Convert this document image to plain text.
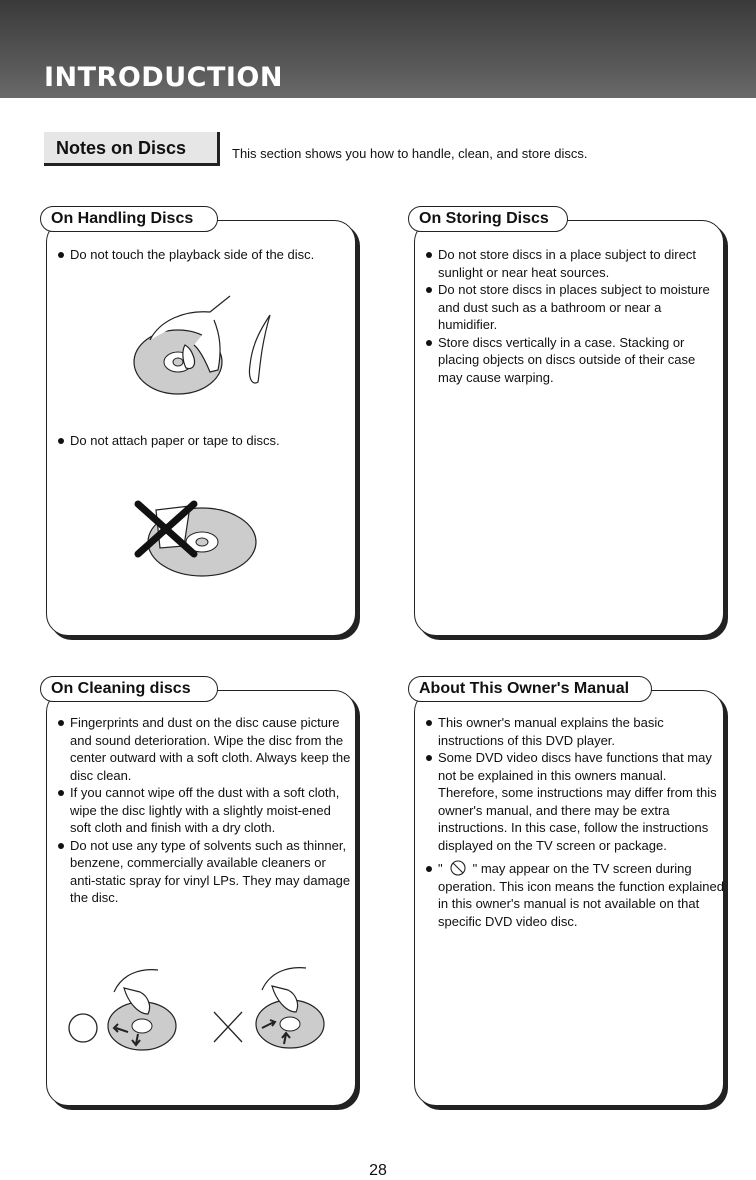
INTRODUCTION
Notes on Discs	This section shows you how to handle, clean, and store discs.
On Handling Discs
Do not touch the playback side of the disc.
Do not attach paper or tape to discs.
On Storing Discs
Do not store discs in a place subject to direct sunlight or near heat sources.
Do not store discs in places subject to moisture and dust such as a bathroom or near a humidifier.
Store discs vertically in a case. Stacking or placing objects on discs outside of their case may cause warping.
On Cleaning discs
Fingerprints and dust on the disc cause picture and sound deterioration. Wipe the disc from the center outward with a soft cloth. Always keep the disc clean.
If you cannot wipe off the dust with a soft cloth, wipe the disc lightly with a slightly moist-ened soft cloth and finish with a dry cloth.
Do not use any type of solvents such as thinner, benzene, commercially available cleaners or anti-static spray for vinyl LPs. They may damage the disc.
About This Owner's Manual
This owner's manual explains the basic instructions of this DVD player.
Some DVD video discs have functions that may not be explained in this owners manual. Therefore, some instructions may differ from this owner's manual, and there may be extra instructions. In this case, follow the instructions displayed on the TV screen or package.
" " may appear on the TV screen during operation. This icon means the function explained in this owner's manual is not available on that specific DVD video disc.
28
